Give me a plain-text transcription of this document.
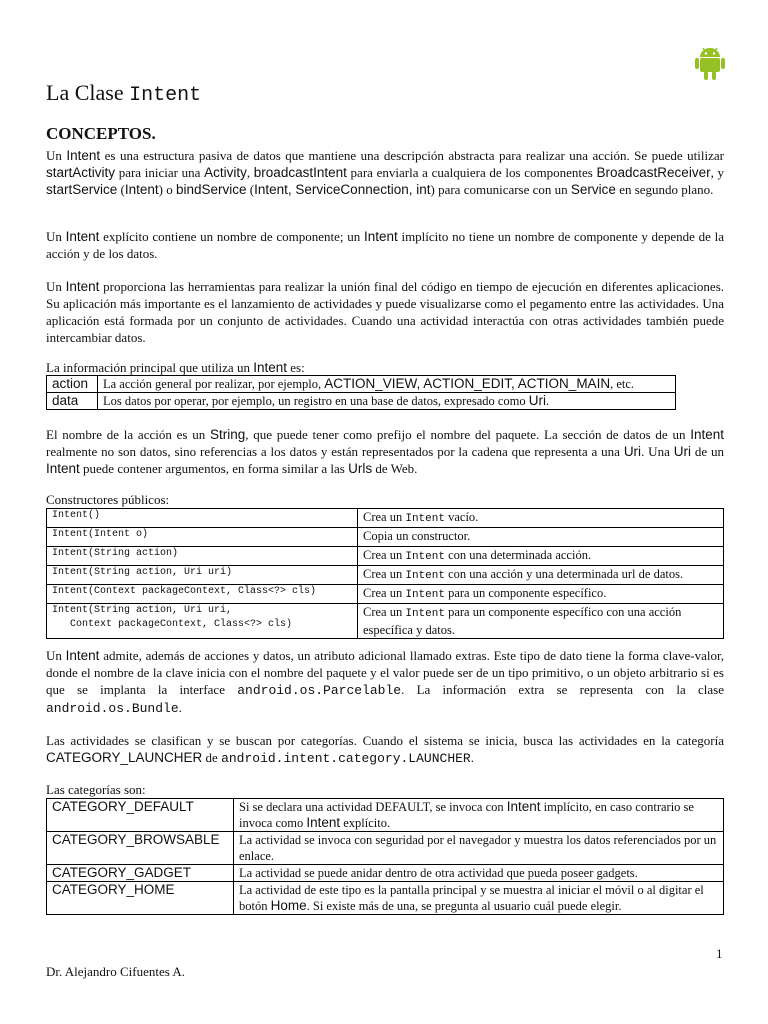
La Clase Intent
CONCEPTOS.

Un Intent es una estructura pasiva de datos que mantiene una descripción abstracta para realizar una acción. Se puede utilizar startActivity para iniciar una Activity, broadcastIntent para enviarla a cualquiera de los componentes BroadcastReceiver, y startService (Intent) o bindService (Intent, ServiceConnection, int) para comunicarse con un Service en segundo plano.

Un Intent explícito contiene un nombre de componente; un Intent implícito no tiene un nombre de componente y depende de la acción y de los datos.

Un Intent proporciona las herramientas para realizar la unión final del código en tiempo de ejecución en diferentes aplicaciones. Su aplicación más importante es el lanzamiento de actividades y puede visualizarse como el pegamento entre las actividades. Una aplicación está formada por un conjunto de actividades. Cuando una actividad interactúa con otras actividades también puede intercambiar datos.

La información principal que utiliza un Intent es:

action	La acción general por realizar, por ejemplo, ACTION_VIEW, ACTION_EDIT, ACTION_MAIN, etc.
data	Los datos por operar, por ejemplo, un registro en una base de datos, expresado como Uri.

El nombre de la acción es un String, que puede tener como prefijo el nombre del paquete. La sección de datos de un Intent realmente no son datos, sino referencias a los datos y están representados por la cadena que representa a una Uri. Una Uri de un Intent puede contener argumentos, en forma similar a las Urls de Web.

Constructores públicos:

Intent()	Crea un Intent vacío.
Intent(Intent o)	Copia un constructor.
Intent(String action)	Crea un Intent con una determinada acción.
Intent(String action, Uri uri)	Crea un Intent con una acción y una determinada url de datos.
Intent(Context packageContext, Class<?> cls)	Crea un Intent para un componente específico.
Intent(String action, Uri uri,
Context packageContext, Class<?> cls)	Crea un Intent para un componente específico con una acción específica y datos.

Un Intent admite, además de acciones y datos, un atributo adicional llamado extras. Este tipo de dato tiene la forma clave-valor, donde el nombre de la clave inicia con el nombre del paquete y el valor puede ser de un tipo primitivo, o un objeto arbitrario si es que se implanta la interface android.os.Parcelable. La información extra se representa con la clase android.os.Bundle.

Las actividades se clasifican y se buscan por categorías. Cuando el sistema se inicia, busca las actividades en la categoría CATEGORY_LAUNCHER de android.intent.category.LAUNCHER.

Las categorías son:

CATEGORY_DEFAULT	Si se declara una actividad DEFAULT, se invoca con Intent implícito, en caso contrario se invoca como Intent explícito.
CATEGORY_BROWSABLE	La actividad se invoca con seguridad por el navegador y muestra los datos referenciados por un enlace.
CATEGORY_GADGET	La actividad se puede anidar dentro de otra actividad que pueda poseer gadgets.
CATEGORY_HOME	La actividad de este tipo es la pantalla principal y se muestra al iniciar el móvil o al digitar el botón Home. Si existe más de una, se pregunta al usuario cuál puede elegir.
1
Dr. Alejandro Cifuentes A.
